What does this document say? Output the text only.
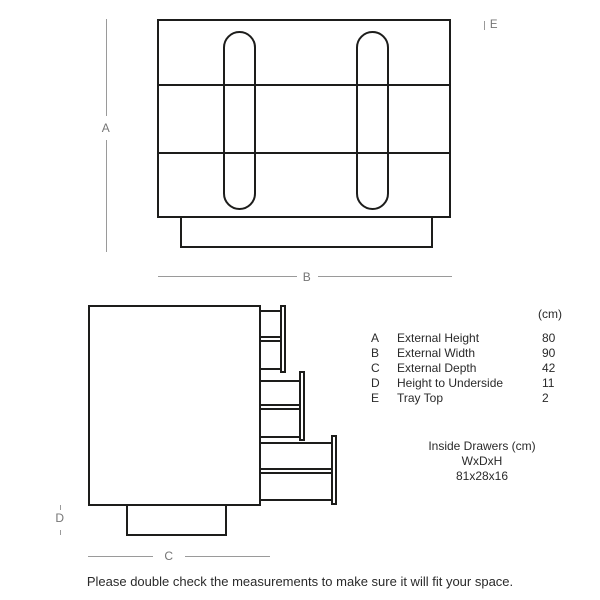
A
B
E
D
C
(cm)
A	External Height	80
B	External Width	90
C	External Depth	42
D	Height to Underside	11
E	Tray Top	2
Inside Drawers (cm)
WxDxH
81x28x16
Please double check the measurements to make sure it will fit your space.
